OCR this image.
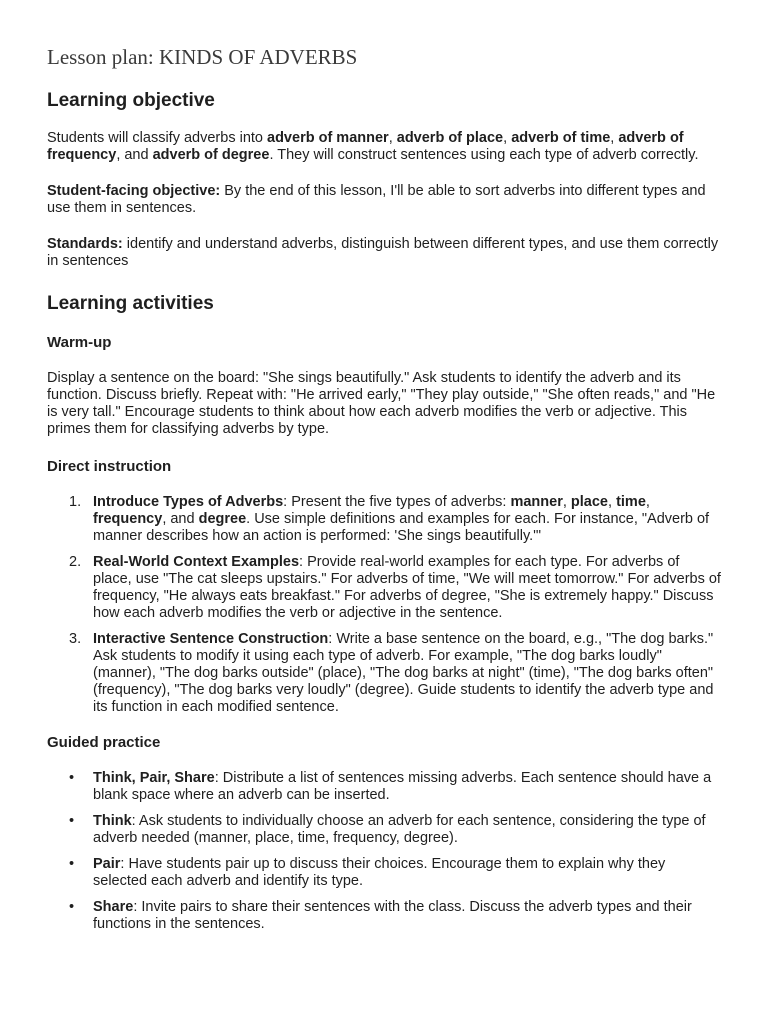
Lesson plan: KINDS OF ADVERBS
Learning objective

Students will classify adverbs into adverb of manner, adverb of place, adverb of time, adverb of frequency, and adverb of degree. They will construct sentences using each type of adverb correctly.

Student-facing objective: By the end of this lesson, I'll be able to sort adverbs into different types and use them in sentences.

Standards: identify and understand adverbs, distinguish between different types, and use them correctly in sentences

Learning activities
Warm-up

Display a sentence on the board: "She sings beautifully." Ask students to identify the adverb and its function. Discuss briefly. Repeat with: "He arrived early," "They play outside," "She often reads," and "He is very tall." Encourage students to think about how each adverb modifies the verb or adjective. This primes them for classifying adverbs by type.

Direct instruction
1. Introduce Types of Adverbs: Present the five types of adverbs: manner, place, time, frequency, and degree. Use simple definitions and examples for each. For instance, "Adverb of manner describes how an action is performed: 'She sings beautifully.'"
2. Real-World Context Examples: Provide real-world examples for each type. For adverbs of place, use "The cat sleeps upstairs." For adverbs of time, "We will meet tomorrow." For adverbs of frequency, "He always eats breakfast." For adverbs of degree, "She is extremely happy." Discuss how each adverb modifies the verb or adjective in the sentence.
3. Interactive Sentence Construction: Write a base sentence on the board, e.g., "The dog barks." Ask students to modify it using each type of adverb. For example, "The dog barks loudly" (manner), "The dog barks outside" (place), "The dog barks at night" (time), "The dog barks often" (frequency), "The dog barks very loudly" (degree). Guide students to identify the adverb type and its function in each modified sentence.
Guided practice
• Think, Pair, Share: Distribute a list of sentences missing adverbs. Each sentence should have a blank space where an adverb can be inserted.
• Think: Ask students to individually choose an adverb for each sentence, considering the type of adverb needed (manner, place, time, frequency, degree).
• Pair: Have students pair up to discuss their choices. Encourage them to explain why they selected each adverb and identify its type.
• Share: Invite pairs to share their sentences with the class. Discuss the adverb types and their functions in the sentences.
